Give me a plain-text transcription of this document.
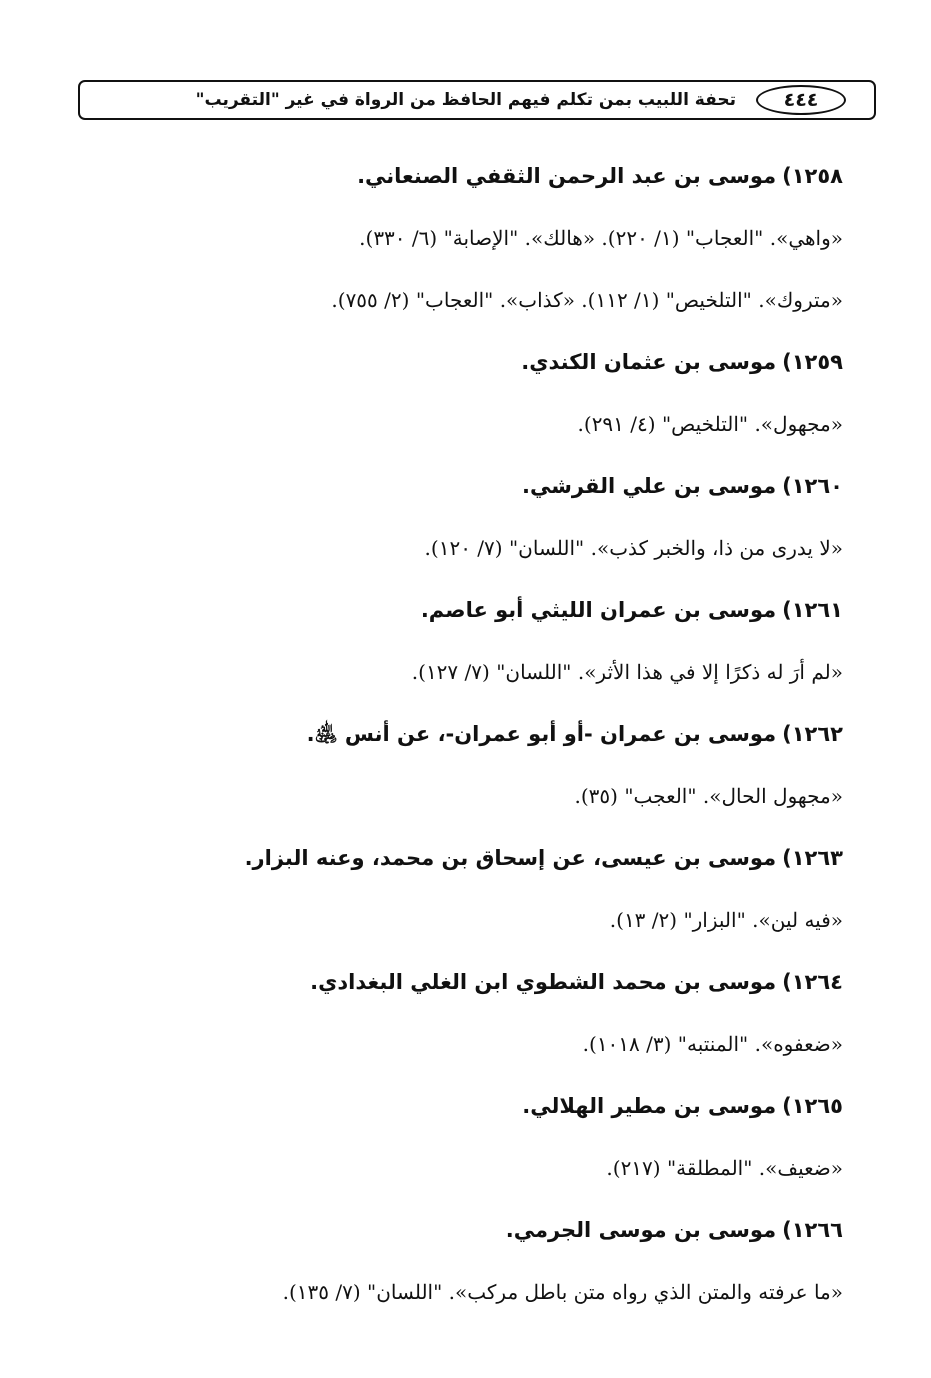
٤٤٤
تحفة اللبيب بمن تكلم فيهم الحافظ من الرواة في غير "التقريب"
١٢٥٨)موسى بن عبد الرحمن الثقفي الصنعاني.
«واهي». "العجاب" (١/ ٢٢٠). «هالك». "الإصابة" (٦/ ٣٣٠).
«متروك». "التلخيص" (١/ ١١٢). «كذاب». "العجاب" (٢/ ٧٥٥).
١٢٥٩)موسى بن عثمان الكندي.
«مجهول». "التلخيص" (٤/ ٢٩١).
١٢٦٠)موسى بن علي القرشي.
«لا يدرى من ذا، والخبر كذب». "اللسان" (٧/ ١٢٠).
١٢٦١)موسى بن عمران الليثي أبو عاصم.
«لم أرَ له ذكرًا إلا في هذا الأثر». "اللسان" (٧/ ١٢٧).
١٢٦٢)موسى بن عمران -أو أبو عمران-، عن أنس ﵁.
«مجهول الحال». "العجب" (٣٥).
١٢٦٣)موسى بن عيسى، عن إسحاق بن محمد، وعنه البزار.
«فيه لين». "البزار" (٢/ ١٣).
١٢٦٤)موسى بن محمد الشطوي ابن الغلي البغدادي.
«ضعفوه». "المنتبه" (٣/ ١٠١٨).
١٢٦٥)موسى بن مطير الهلالي.
«ضعيف». "المطلقة" (٢١٧).
١٢٦٦)موسى بن موسى الجرمي.
«ما عرفته والمتن الذي رواه متن باطل مركب». "اللسان" (٧/ ١٣٥).
